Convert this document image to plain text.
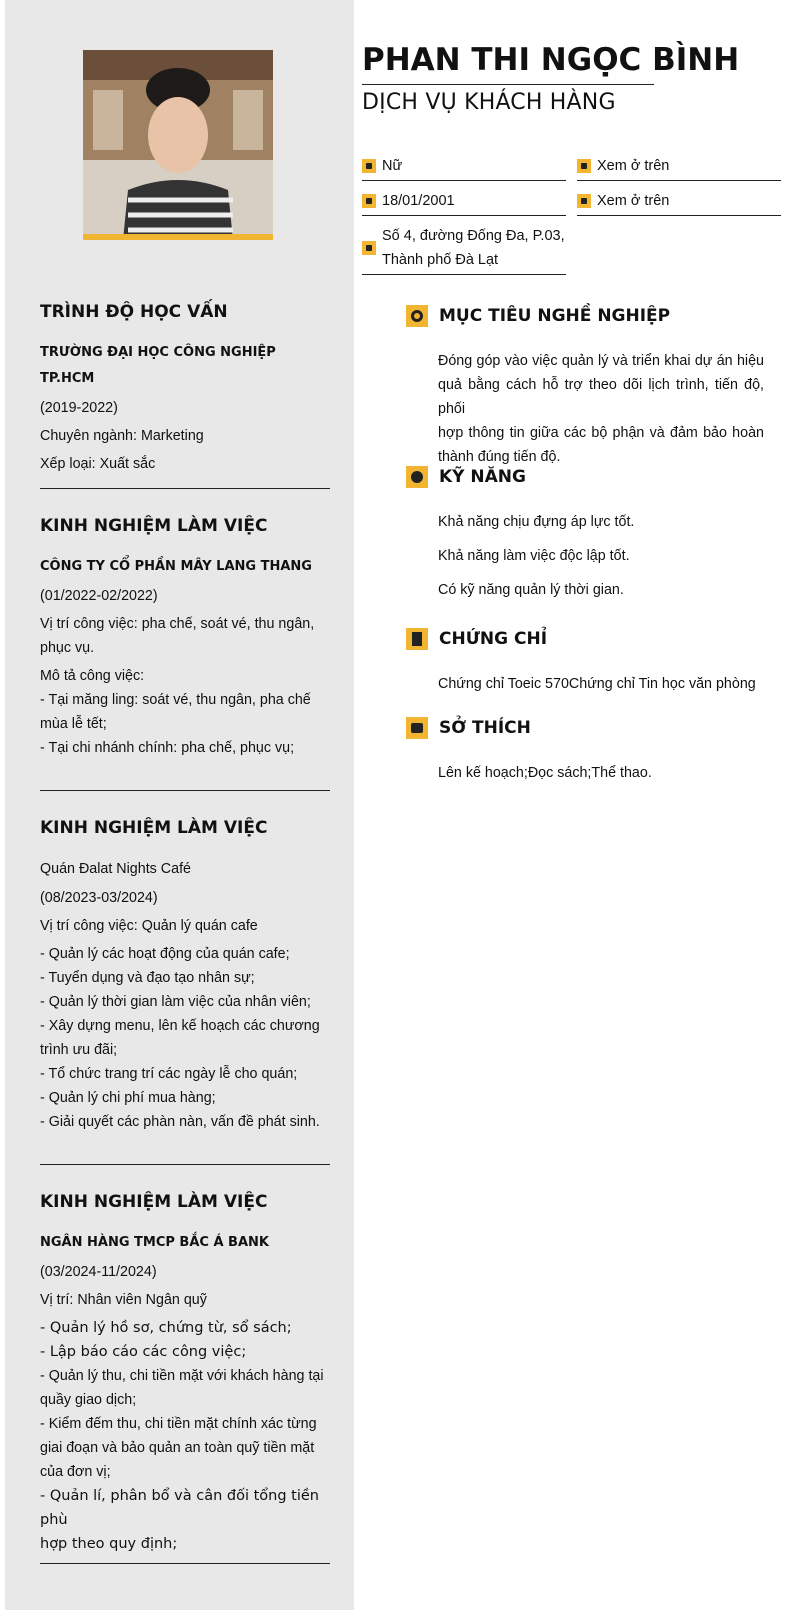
TRÌNH ĐỘ HỌC VẤN
TRƯỜNG ĐẠI HỌC CÔNG NGHIỆP TP.HCM
(2019-2022)
Chuyên ngành: Marketing
Xếp loại: Xuất sắc
KINH NGHIỆM LÀM VIỆC
CÔNG TY CỔ PHẦN MÂY LANG THANG
(01/2022-02/2022)
Vị trí công việc: pha chế, soát vé, thu ngân,
phục vụ.
Mô tả công việc:
- Tại măng ling: soát vé, thu ngân, pha chế
mùa lễ tết;
- Tại chi nhánh chính: pha chế, phục vụ;
KINH NGHIỆM LÀM VIỆC
Quán Đalat Nights Café
(08/2023-03/2024)
Vị trí công việc: Quản lý quán cafe
- Quản lý các hoạt động của quán cafe;
- Tuyển dụng và đạo tạo nhân sự;
- Quản lý thời gian làm việc của nhân viên;
- Xây dựng menu, lên kế hoạch các chương
trình ưu đãi;
- Tổ chức trang trí các ngày lễ cho quán;
- Quản lý chi phí mua hàng;
- Giải quyết các phàn nàn, vấn đề phát sinh.
KINH NGHIỆM LÀM VIỆC
NGÂN HÀNG TMCP BẮC Á BANK
(03/2024-11/2024)
Vị trí: Nhân viên Ngân quỹ
- Quản lý hồ sơ, chứng từ, sổ sách;
- Lập báo cáo các công việc;
- Quản lý thu, chi tiền mặt với khách hàng tại
quầy giao dịch;
- Kiểm đếm thu, chi tiền mặt chính xác từng
giai đoạn và bảo quản an toàn quỹ tiền mặt
của đơn vị;
- Quản lí, phân bổ và cân đối tổng tiền phù
hợp theo quy định;
PHAN THI NGỌC BÌNH
DỊCH VỤ KHÁCH HÀNG
Nữ	Xem ở trên
18/01/2001	Xem ở trên
Số 4, đường Đống Đa, P.03,
Thành phố Đà Lạt
MỤC TIÊU NGHỀ NGHIỆP
Đóng góp vào việc quản lý và triển khai dự án hiệu
quả bằng cách hỗ trợ theo dõi lịch trình, tiến độ, phối
hợp thông tin giữa các bộ phận và đảm bảo hoàn
thành đúng tiến độ.
KỸ NĂNG
Khả năng chịu đựng áp lực tốt.
Khả năng làm việc độc lập tốt.
Có kỹ năng quản lý thời gian.
CHỨNG CHỈ
Chứng chỉ Toeic 570Chứng chỉ Tin học văn phòng
SỞ THÍCH
Lên kế hoạch;Đọc sách;Thể thao.
